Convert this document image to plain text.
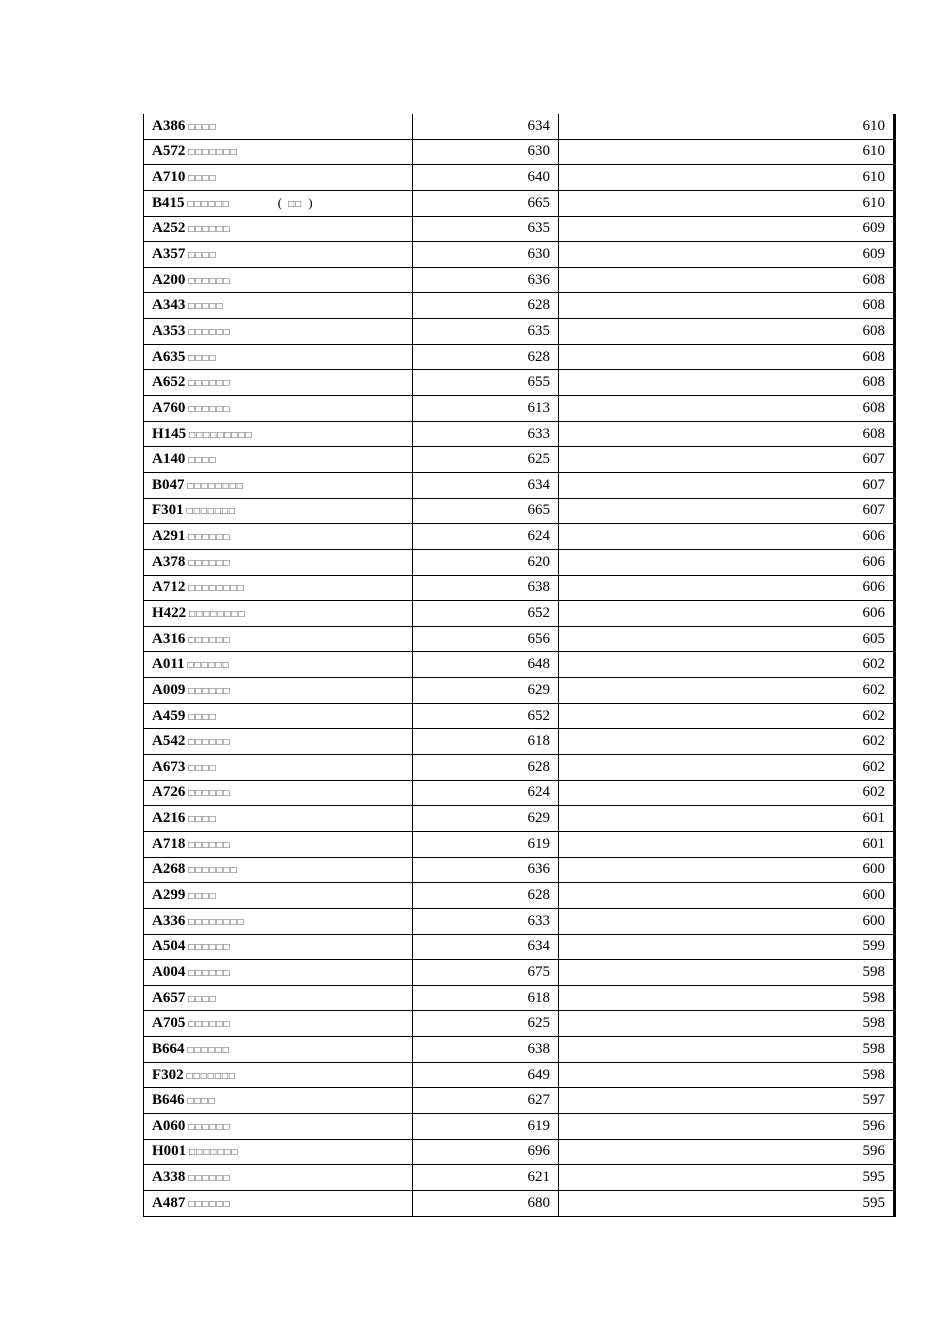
A386 □□□□	634	610
A572 □□□□□□□	630	610
A710 □□□□	640	610
B415 □□□□□□ ( □□ )	665	610
A252 □□□□□□	635	609
A357 □□□□	630	609
A200 □□□□□□	636	608
A343 □□□□□	628	608
A353 □□□□□□	635	608
A635 □□□□	628	608
A652 □□□□□□	655	608
A760 □□□□□□	613	608
H145 □□□□□□□□□	633	608
A140 □□□□	625	607
B047 □□□□□□□□	634	607
F301 □□□□□□□	665	607
A291 □□□□□□	624	606
A378 □□□□□□	620	606
A712 □□□□□□□□	638	606
H422 □□□□□□□□	652	606
A316 □□□□□□	656	605
A011 □□□□□□	648	602
A009 □□□□□□	629	602
A459 □□□□	652	602
A542 □□□□□□	618	602
A673 □□□□	628	602
A726 □□□□□□	624	602
A216 □□□□	629	601
A718 □□□□□□	619	601
A268 □□□□□□□	636	600
A299 □□□□	628	600
A336 □□□□□□□□	633	600
A504 □□□□□□	634	599
A004 □□□□□□	675	598
A657 □□□□	618	598
A705 □□□□□□	625	598
B664 □□□□□□	638	598
F302 □□□□□□□	649	598
B646 □□□□	627	597
A060 □□□□□□	619	596
H001 □□□□□□□	696	596
A338 □□□□□□	621	595
A487 □□□□□□	680	595
